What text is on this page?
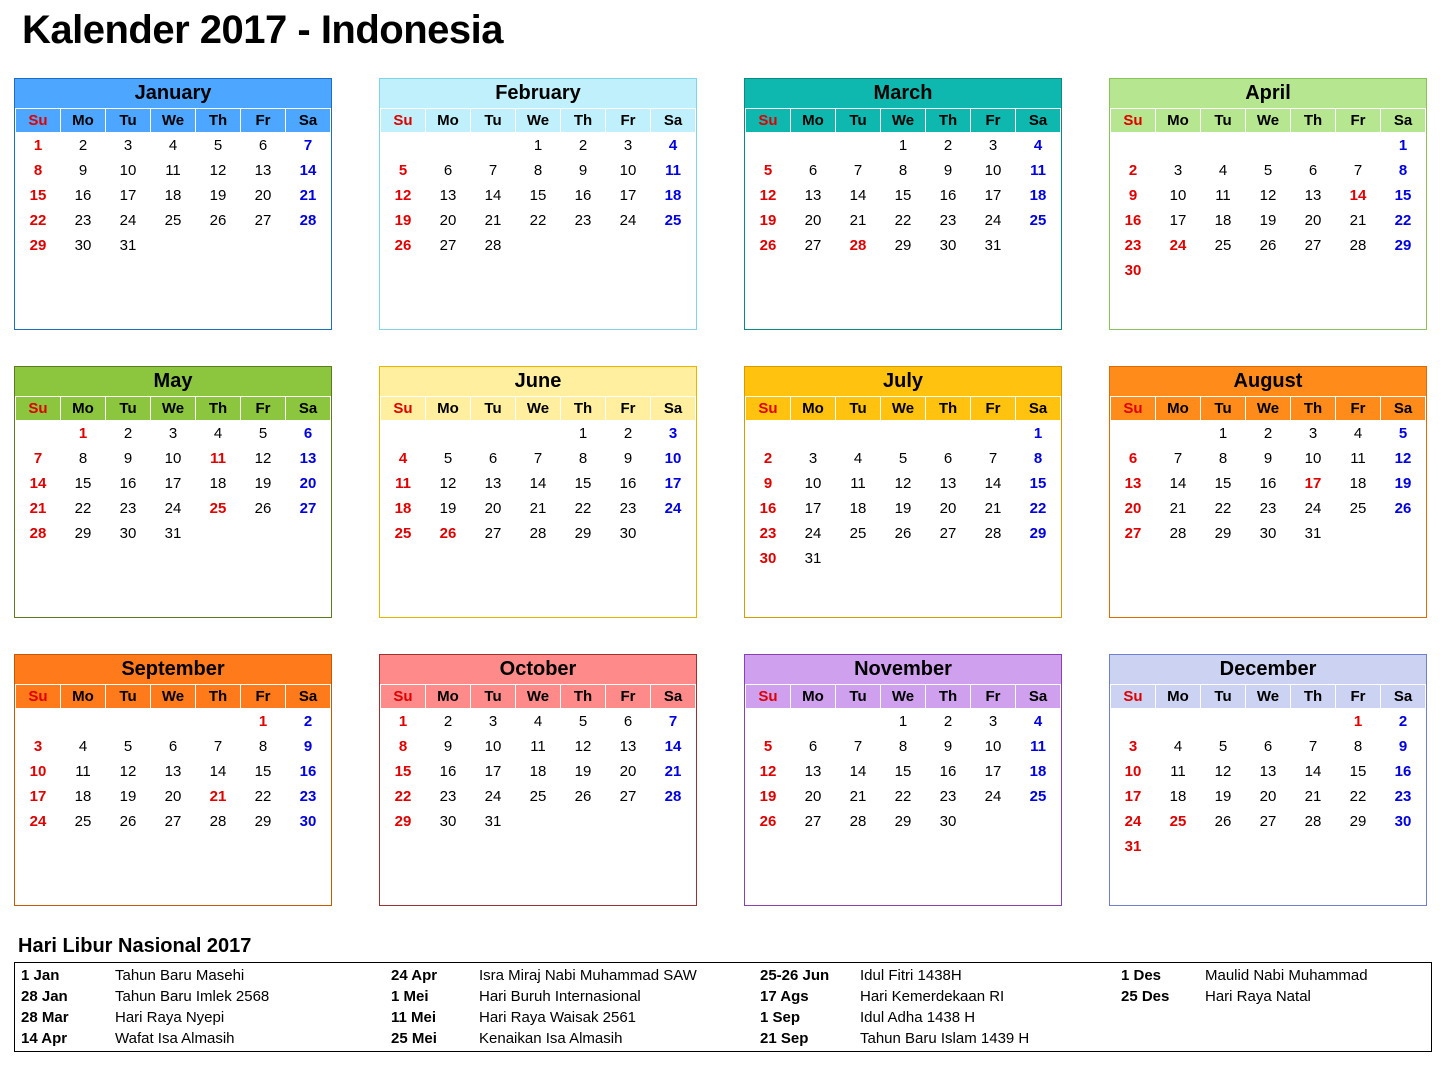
Kalender 2017 - Indonesia
January
Su	Mo	Tu	We	Th	Fr	Sa
1	2	3	4	5	6	7
8	9	10	11	12	13	14
15	16	17	18	19	20	21
22	23	24	25	26	27	28
29	30	31				

February
Su	Mo	Tu	We	Th	Fr	Sa
			1	2	3	4
5	6	7	8	9	10	11
12	13	14	15	16	17	18
19	20	21	22	23	24	25
26	27	28				

March
Su	Mo	Tu	We	Th	Fr	Sa
			1	2	3	4
5	6	7	8	9	10	11
12	13	14	15	16	17	18
19	20	21	22	23	24	25
26	27	28	29	30	31	

April
Su	Mo	Tu	We	Th	Fr	Sa
						1
2	3	4	5	6	7	8
9	10	11	12	13	14	15
16	17	18	19	20	21	22
23	24	25	26	27	28	29
30						
May
Su	Mo	Tu	We	Th	Fr	Sa
	1	2	3	4	5	6
7	8	9	10	11	12	13
14	15	16	17	18	19	20
21	22	23	24	25	26	27
28	29	30	31			

June
Su	Mo	Tu	We	Th	Fr	Sa
				1	2	3
4	5	6	7	8	9	10
11	12	13	14	15	16	17
18	19	20	21	22	23	24
25	26	27	28	29	30	

July
Su	Mo	Tu	We	Th	Fr	Sa
						1
2	3	4	5	6	7	8
9	10	11	12	13	14	15
16	17	18	19	20	21	22
23	24	25	26	27	28	29
30	31					
August
Su	Mo	Tu	We	Th	Fr	Sa
		1	2	3	4	5
6	7	8	9	10	11	12
13	14	15	16	17	18	19
20	21	22	23	24	25	26
27	28	29	30	31		

September
Su	Mo	Tu	We	Th	Fr	Sa
					1	2
3	4	5	6	7	8	9
10	11	12	13	14	15	16
17	18	19	20	21	22	23
24	25	26	27	28	29	30

October
Su	Mo	Tu	We	Th	Fr	Sa
1	2	3	4	5	6	7
8	9	10	11	12	13	14
15	16	17	18	19	20	21
22	23	24	25	26	27	28
29	30	31				

November
Su	Mo	Tu	We	Th	Fr	Sa
			1	2	3	4
5	6	7	8	9	10	11
12	13	14	15	16	17	18
19	20	21	22	23	24	25
26	27	28	29	30		

December
Su	Mo	Tu	We	Th	Fr	Sa
					1	2
3	4	5	6	7	8	9
10	11	12	13	14	15	16
17	18	19	20	21	22	23
24	25	26	27	28	29	30
31						
Hari Libur Nasional 2017
1 Jan	Tahun Baru Masehi	24 Apr	Isra Miraj Nabi Muhammad SAW	25-26 Jun	Idul Fitri 1438H	1 Des	Maulid Nabi Muhammad
28 Jan	Tahun Baru Imlek 2568	1 Mei	Hari Buruh Internasional	17 Ags	Hari Kemerdekaan RI	25 Des	Hari Raya Natal
28 Mar	Hari Raya Nyepi	11 Mei	Hari Raya Waisak 2561	1 Sep	Idul Adha 1438 H		
14 Apr	Wafat Isa Almasih	25 Mei	Kenaikan Isa Almasih	21 Sep	Tahun Baru Islam 1439 H		
